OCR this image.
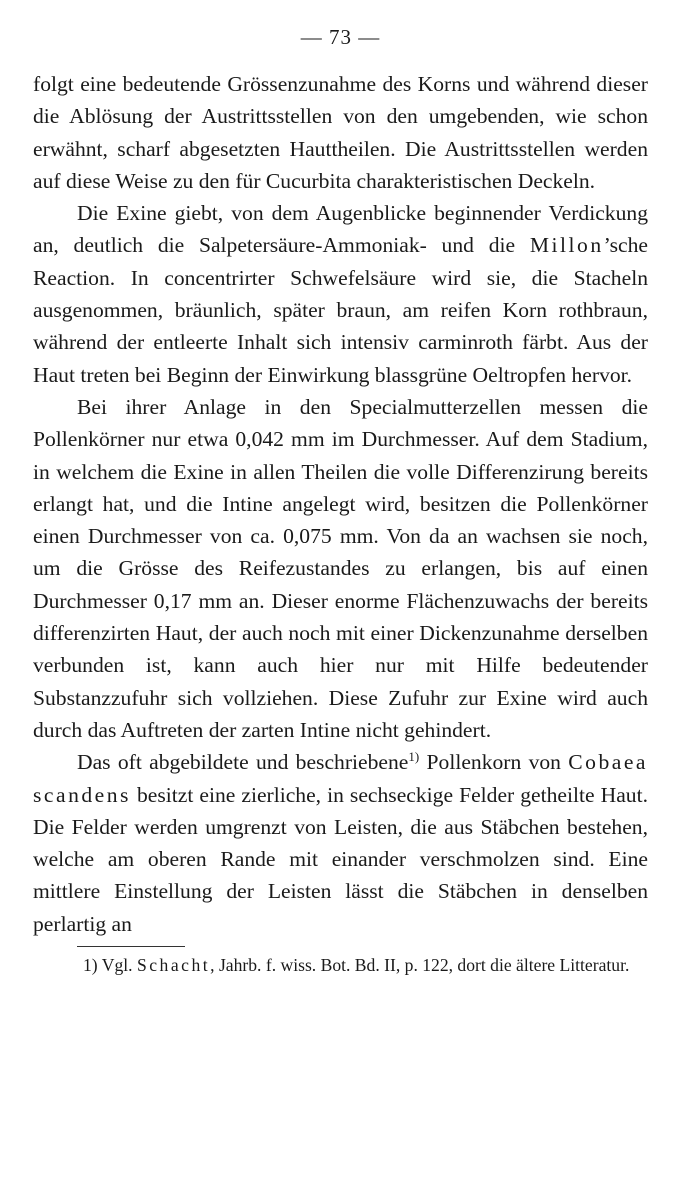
— 73 —

folgt eine bedeutende Grössenzunahme des Korns und während dieser die Ablösung der Austrittsstellen von den umgebenden, wie schon erwähnt, scharf abgesetzten Hauttheilen. Die Austrittsstellen werden auf diese Weise zu den für Cucurbita charakteristischen Deckeln.

Die Exine giebt, von dem Augenblicke beginnender Verdickung an, deutlich die Salpetersäure-Ammoniak- und die Millon’sche Reaction. In concentrirter Schwefelsäure wird sie, die Stacheln ausgenommen, bräunlich, später braun, am reifen Korn rothbraun, während der entleerte Inhalt sich intensiv carminroth färbt. Aus der Haut treten bei Beginn der Einwirkung blassgrüne Oeltropfen hervor.

Bei ihrer Anlage in den Specialmutterzellen messen die Pollenkörner nur etwa 0,042 mm im Durchmesser. Auf dem Stadium, in welchem die Exine in allen Theilen die volle Differenzirung bereits erlangt hat, und die Intine angelegt wird, besitzen die Pollenkörner einen Durchmesser von ca. 0,075 mm. Von da an wachsen sie noch, um die Grösse des Reifezustandes zu erlangen, bis auf einen Durchmesser 0,17 mm an. Dieser enorme Flächenzuwachs der bereits differenzirten Haut, der auch noch mit einer Dickenzunahme derselben verbunden ist, kann auch hier nur mit Hilfe bedeutender Substanzzufuhr sich vollziehen. Diese Zufuhr zur Exine wird auch durch das Auftreten der zarten Intine nicht gehindert.

Das oft abgebildete und beschriebene$^{1)}$ Pollenkorn von Cobaea scandens besitzt eine zierliche, in sechseckige Felder getheilte Haut. Die Felder werden umgrenzt von Leisten, die aus Stäbchen bestehen, welche am oberen Rande mit einander verschmolzen sind. Eine mittlere Einstellung der Leisten lässt die Stäbchen in denselben perlartig an

1) Vgl. Schacht, Jahrb. f. wiss. Bot. Bd. II, p. 122, dort die ältere Litteratur.
